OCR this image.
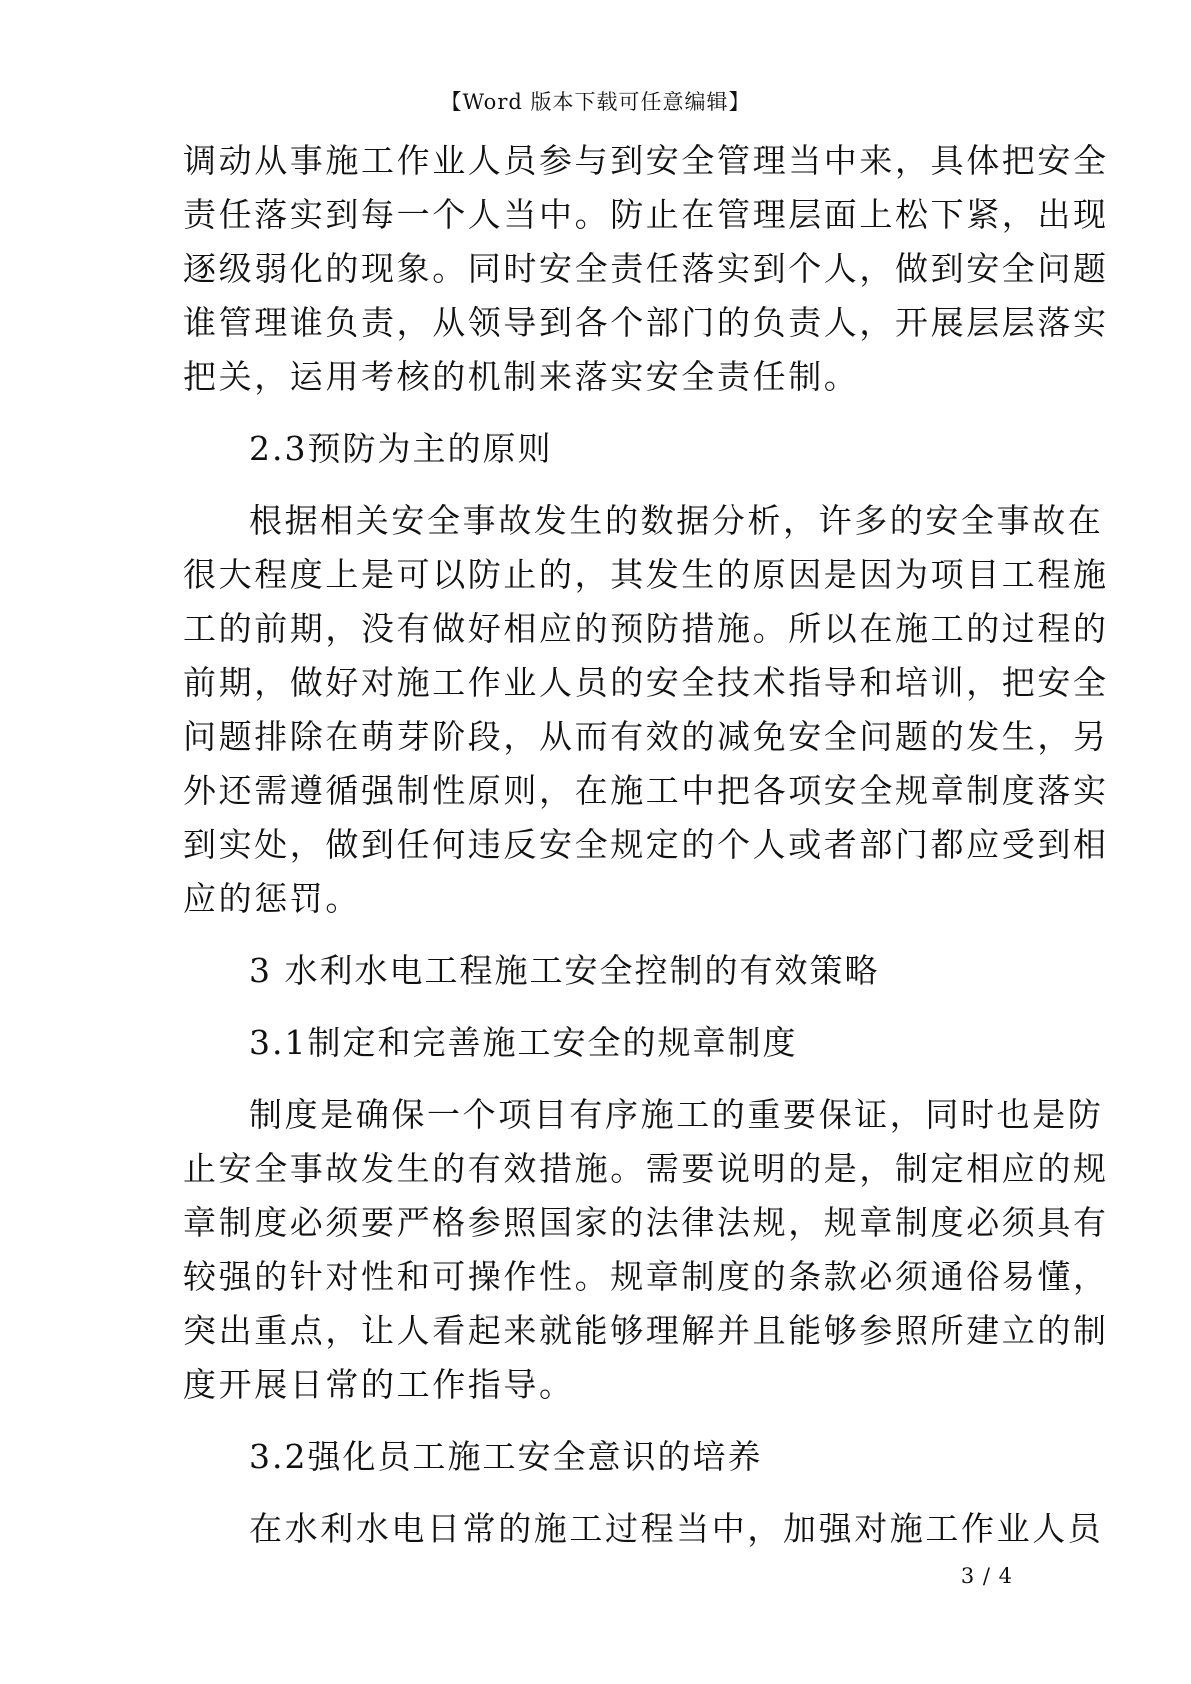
【Word 版本下载可任意编辑】
调动从事施工作业人员参与到安全管理当中来，具体把安全
责任落实到每一个人当中。防止在管理层面上松下紧，出现
逐级弱化的现象。同时安全责任落实到个人，做到安全问题
谁管理谁负责，从领导到各个部门的负责人，开展层层落实
把关，运用考核的机制来落实安全责任制。
2.3预防为主的原则
根据相关安全事故发生的数据分析，许多的安全事故在
很大程度上是可以防止的，其发生的原因是因为项目工程施
工的前期，没有做好相应的预防措施。所以在施工的过程的
前期，做好对施工作业人员的安全技术指导和培训，把安全
问题排除在萌芽阶段，从而有效的减免安全问题的发生，另
外还需遵循强制性原则，在施工中把各项安全规章制度落实
到实处，做到任何违反安全规定的个人或者部门都应受到相
应的惩罚。
3 水利水电工程施工安全控制的有效策略
3.1制定和完善施工安全的规章制度
制度是确保一个项目有序施工的重要保证，同时也是防
止安全事故发生的有效措施。需要说明的是，制定相应的规
章制度必须要严格参照国家的法律法规，规章制度必须具有
较强的针对性和可操作性。规章制度的条款必须通俗易懂，
突出重点，让人看起来就能够理解并且能够参照所建立的制
度开展日常的工作指导。
3.2强化员工施工安全意识的培养
在水利水电日常的施工过程当中，加强对施工作业人员
3 / 4
